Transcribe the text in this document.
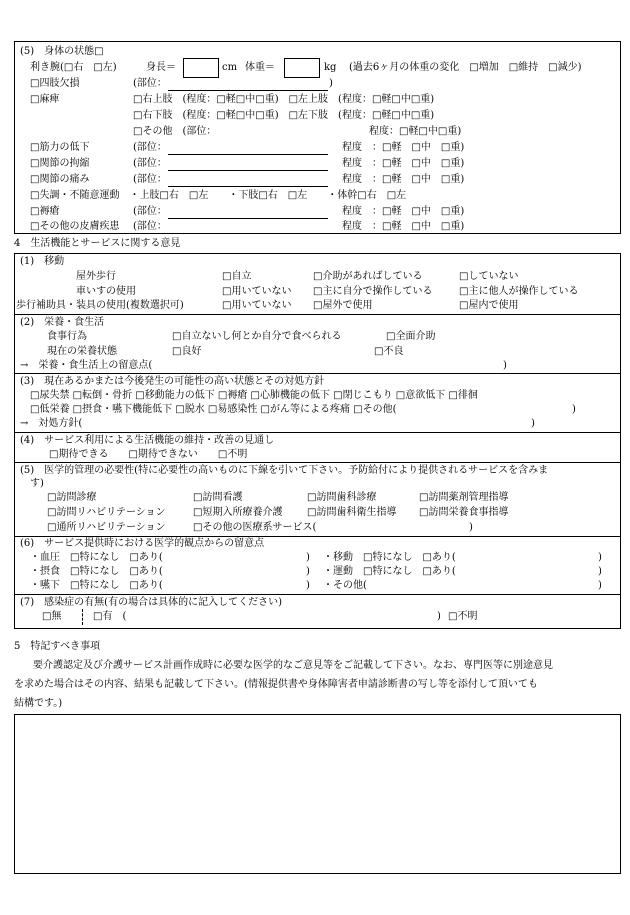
(5)　身体の状態□
利き腕(□右　□左)	身長＝	cm 体重＝	kg (過去6ヶ月の体重の変化　□増加　□維持　□減少)
□四肢欠損	(部位：	)
□麻痺	□右上肢　(程度：□軽□中□重)　□左上肢　(程度：□軽□中□重)
□右下肢　(程度：□軽□中□重)　□左下肢　(程度：□軽□中□重)
□その他　(部位：	程度：□軽□中□重)
□筋力の低下	(部位：	程度　：□軽　□中　□重)
□関節の拘縮	(部位：	程度　：□軽　□中　□重)
□関節の痛み	(部位：	程度　：□軽　□中　□重)
□失調・不随意運動　・上肢□右　□左　　・下肢□右　□左　　・体幹□右　□左
□褥瘡	(部位：	程度　：□軽　□中　□重)
□その他の皮膚疾患 (部位：	程度　：□軽　□中　□重)
4　生活機能とサービスに関する意見
(1)　移動
屋外歩行	□自立	□介助があればしている	□していない
車いすの使用	□用いていない □主に自分で操作している	□主に他人が操作している
歩行補助具・装具の使用(複数選択可)	□用いていない □屋外で使用	□屋内で使用
(2)　栄養・食生活
食事行為	□自立ないし何とか自分で食べられる	□全面介助
現在の栄養状態	□良好	□不良
→　栄養・食生活上の留意点(	)
(3)　現在あるかまたは今後発生の可能性の高い状態とその対処方針
□尿失禁 □転倒・骨折 □移動能力の低下 □褥瘡 □心肺機能の低下 □閉じこもり □意欲低下 □徘徊
□低栄養 □摂食・嚥下機能低下 □脱水 □易感染性 □がん等による疼痛 □その他(	)
→　対処方針(	)
(4)　サービス利用による生活機能の維持・改善の見通し
□期待できる　　□期待できない　　□不明
(5)　医学的管理の必要性(特に必要性の高いものに下線を引いて下さい。予防給付により提供されるサービスを含みま
す)
□訪問診療	□訪問看護	□訪問歯科診療	□訪問薬剤管理指導
□訪問リハビリテーション	□短期入所療養介護 □訪問歯科衛生指導 □訪問栄養食事指導
□通所リハビリテーション	□その他の医療系サービス(	)
(6)　サービス提供時における医学的観点からの留意点
・血圧　□特になし　□あり(	) ・移動　□特になし　□あり(	)
・摂食　□特になし　□あり(	) ・運動　□特になし　□あり(	)
・嚥下　□特になし　□あり(	) ・その他(	)
(7)　感染症の有無(有の場合は具体的に記入してください)
□無	□有　(	) □不明
5　特記すべき事項
要介護認定及び介護サービス計画作成時に必要な医学的なご意見等をご記載して下さい。なお、専門医等に別途意見
を求めた場合はその内容、結果も記載して下さい。(情報提供書や身体障害者申請診断書の写し等を添付して頂いても
結構です。)
